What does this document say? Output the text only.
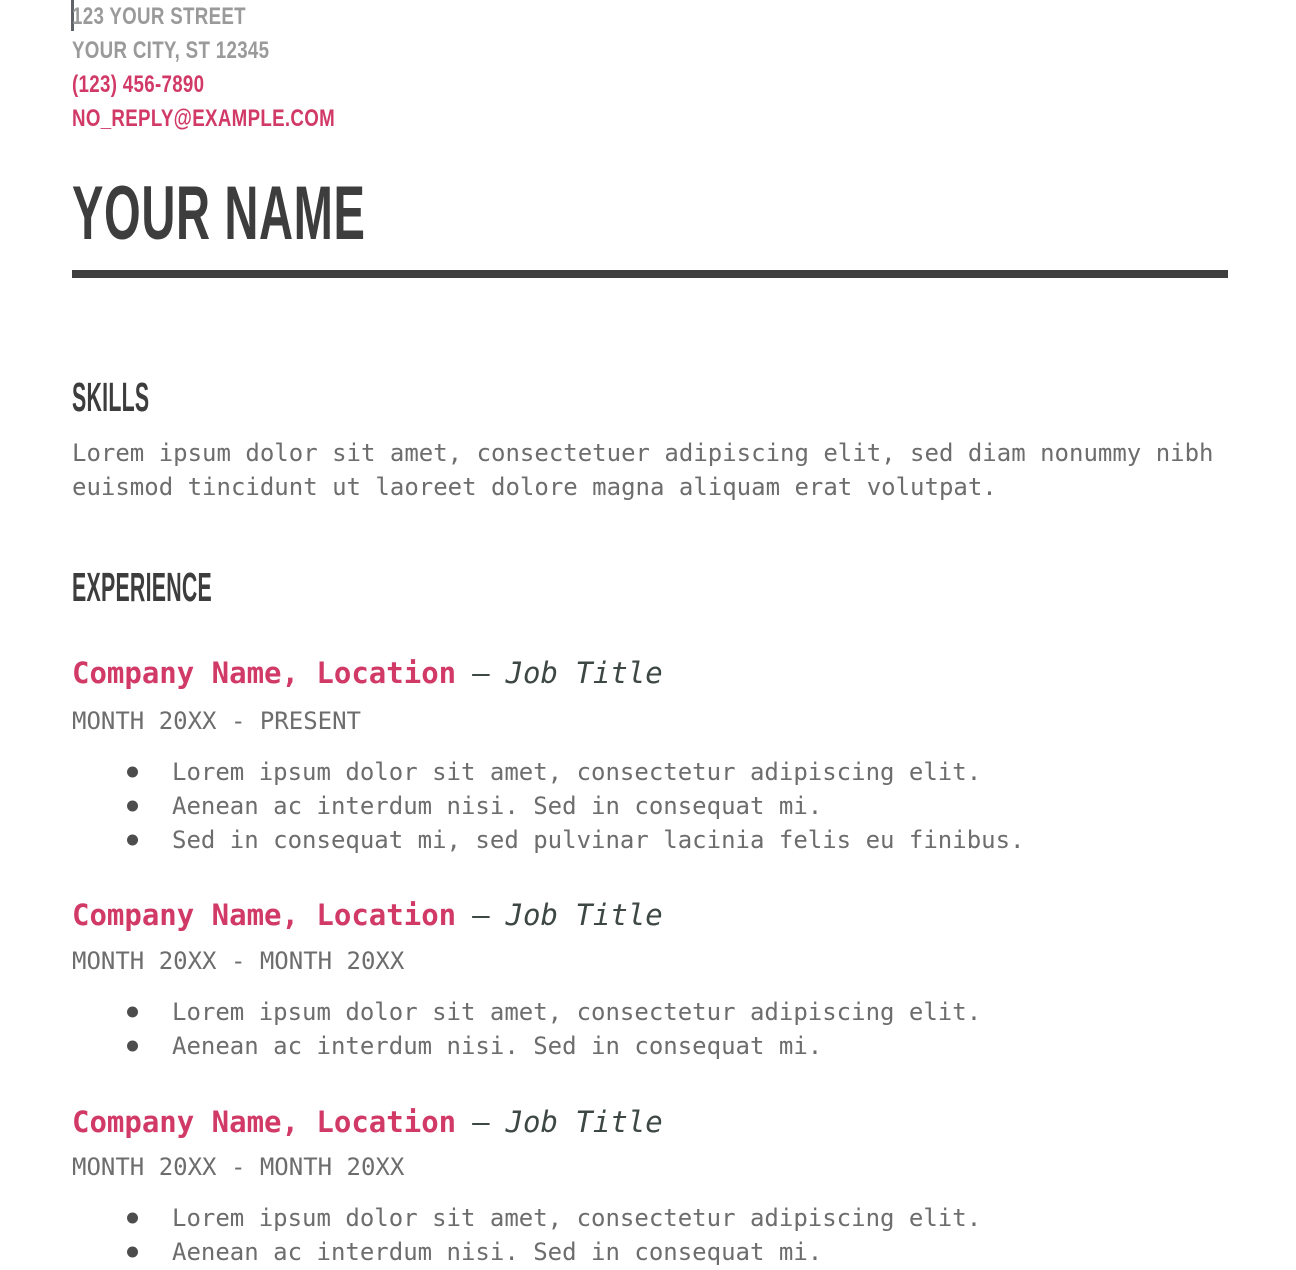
123 YOUR STREET
YOUR CITY, ST 12345
(123) 456-7890
NO_REPLY@EXAMPLE.COM
YOUR NAME
SKILLS
Lorem ipsum dolor sit amet, consectetuer adipiscing elit, sed diam nonummy nibh euismod tincidunt ut laoreet dolore magna aliquam erat volutpat.
EXPERIENCE
Company Name, Location — Job Title
MONTH 20XX - PRESENT
Lorem ipsum dolor sit amet, consectetur adipiscing elit.
Aenean ac interdum nisi. Sed in consequat mi.
Sed in consequat mi, sed pulvinar lacinia felis eu finibus.
Company Name, Location — Job Title
MONTH 20XX - MONTH 20XX
Lorem ipsum dolor sit amet, consectetur adipiscing elit.
Aenean ac interdum nisi. Sed in consequat mi.
Company Name, Location — Job Title
MONTH 20XX - MONTH 20XX
Lorem ipsum dolor sit amet, consectetur adipiscing elit.
Aenean ac interdum nisi. Sed in consequat mi.
